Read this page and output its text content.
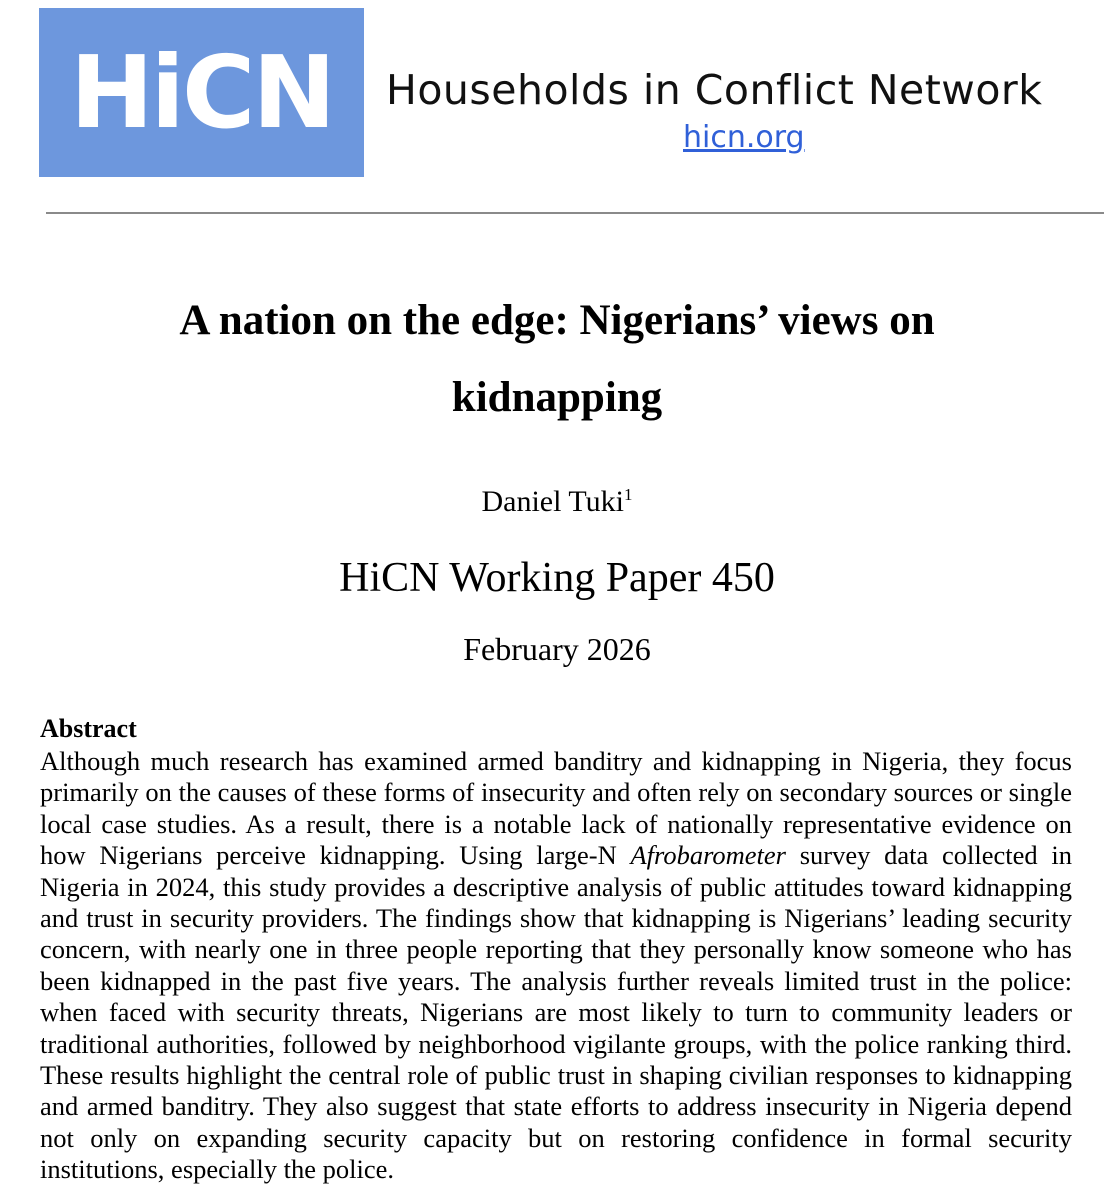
HiCN Households in Conflict Network
hicn.org
A nation on the edge: Nigerians’ views on
kidnapping
Daniel Tuki$^1$
HiCN Working Paper 450
February 2026
Abstract
Although much research has examined armed banditry and kidnapping in Nigeria, they focus primarily on the causes of these forms of insecurity and often rely on secondary sources or single local case studies. As a result, there is a notable lack of nationally representative evidence on how Nigerians perceive kidnapping. Using large-N Afrobarometer survey data collected in Nigeria in 2024, this study provides a descriptive analysis of public attitudes toward kidnapping and trust in security providers. The findings show that kidnapping is Nigerians’ leading security concern, with nearly one in three people reporting that they personally know someone who has been kidnapped in the past five years. The analysis further reveals limited trust in the police: when faced with security threats, Nigerians are most likely to turn to community leaders or traditional authorities, followed by neighborhood vigilante groups, with the police ranking third. These results highlight the central role of public trust in shaping civilian responses to kidnapping and armed banditry. They also suggest that state efforts to address insecurity in Nigeria depend not only on expanding security capacity but on restoring confidence in formal security institutions, especially the police.
